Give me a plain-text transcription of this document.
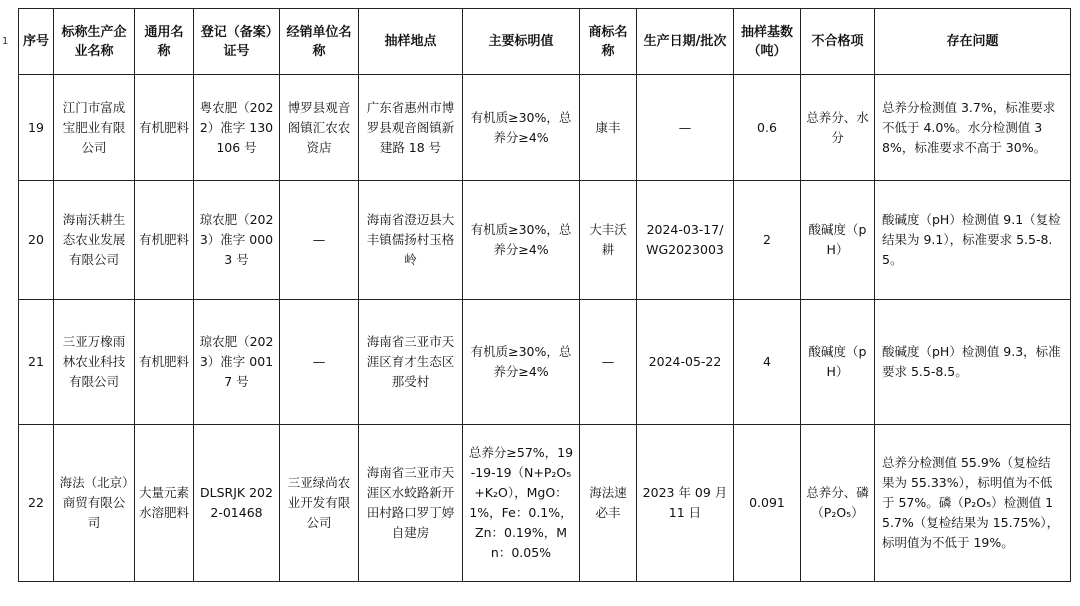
1 序号	标称生产企业名称	通用名称	登记（备案）证号	经销单位名称	抽样地点	主要标明值	商标名称	生产日期/批次	抽样基数（吨）	不合格项	存在问题
19	江门市富成宝肥业有限公司	有机肥料	粤农肥（2022）准字 130106 号	博罗县观音阁镇汇农农资店	广东省惠州市博罗县观音阁镇新建路 18 号	有机质≥30%，总养分≥4%	康丰	—	0.6	总养分、水分	总养分检测值 3.7%，标准要求不低于 4.0%。水分检测值 38%，标准要求不高于 30%。
20	海南沃耕生态农业发展有限公司	有机肥料	琼农肥（2023）准字 0003 号	—	海南省澄迈县大丰镇儒扬村玉格岭	有机质≥30%，总养分≥4%	大丰沃耕	2024-03-17/WG2023003	2	酸碱度（pH）	酸碱度（pH）检测值 9.1（复检结果为 9.1），标准要求 5.5-8.5。
21	三亚万橡雨林农业科技有限公司	有机肥料	琼农肥（2023）准字 0017 号	—	海南省三亚市天涯区育才生态区那受村	有机质≥30%，总养分≥4%	—	2024-05-22	4	酸碱度（pH）	酸碱度（pH）检测值 9.3，标准要求 5.5-8.5。
22	海法（北京）商贸有限公司	大量元素水溶肥料	DLSRJK 2022-01468	三亚绿尚农业开发有限公司	海南省三亚市天涯区水蛟路新开田村路口罗丁婷自建房	总养分≥57%，19-19-19（N+P₂O₅+K₂O），MgO：1%，Fe：0.1%，Zn：0.19%，Mn：0.05%	海法速必丰	2023 年 09 月 11 日	0.091	总养分、磷（P₂O₅）	总养分检测值 55.9%（复检结果为 55.33%），标明值为不低于 57%。磷（P₂O₅）检测值 15.7%（复检结果为 15.75%），标明值为不低于 19%。
